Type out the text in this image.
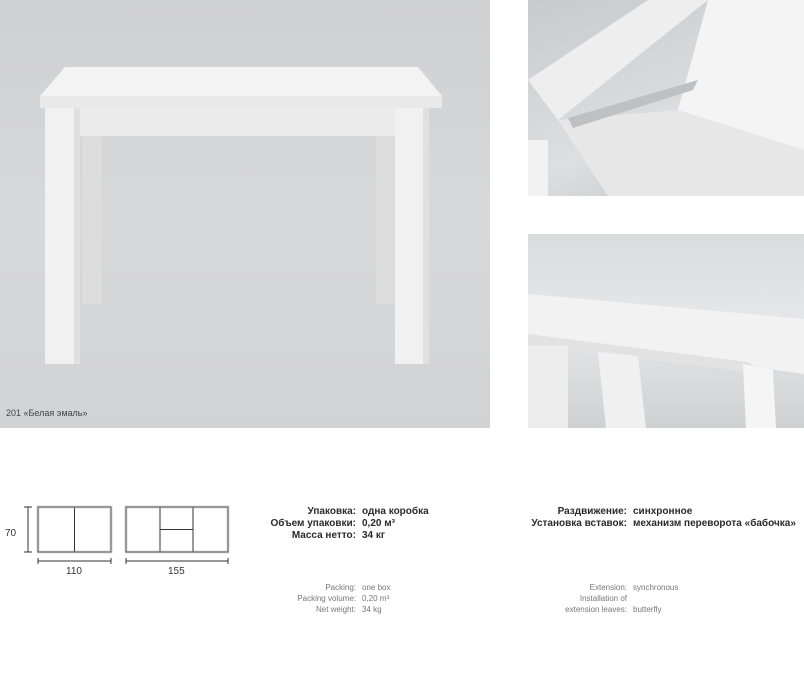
201 «Белая эмаль»
70
110	155
Упаковка: одна коробка
Объем упаковки: 0,20 м³
Масса нетто: 34 кг
Раздвижение: синхронное
Установка вставок: механизм переворота «бабочка»
Packing: one box
Packing volume: 0,20 m³
Net weight: 34 kg
Extension: synchronous
Installation of
extension leaves: butterfly
